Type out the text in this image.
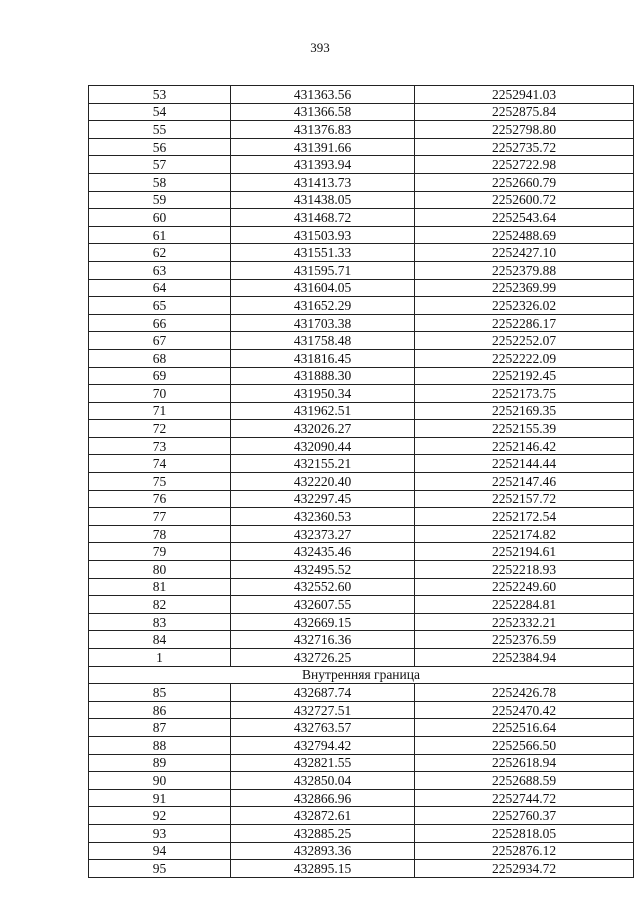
393
53	431363.56	2252941.03
54	431366.58	2252875.84
55	431376.83	2252798.80
56	431391.66	2252735.72
57	431393.94	2252722.98
58	431413.73	2252660.79
59	431438.05	2252600.72
60	431468.72	2252543.64
61	431503.93	2252488.69
62	431551.33	2252427.10
63	431595.71	2252379.88
64	431604.05	2252369.99
65	431652.29	2252326.02
66	431703.38	2252286.17
67	431758.48	2252252.07
68	431816.45	2252222.09
69	431888.30	2252192.45
70	431950.34	2252173.75
71	431962.51	2252169.35
72	432026.27	2252155.39
73	432090.44	2252146.42
74	432155.21	2252144.44
75	432220.40	2252147.46
76	432297.45	2252157.72
77	432360.53	2252172.54
78	432373.27	2252174.82
79	432435.46	2252194.61
80	432495.52	2252218.93
81	432552.60	2252249.60
82	432607.55	2252284.81
83	432669.15	2252332.21
84	432716.36	2252376.59
1	432726.25	2252384.94
Внутренняя граница		
85	432687.74	2252426.78
86	432727.51	2252470.42
87	432763.57	2252516.64
88	432794.42	2252566.50
89	432821.55	2252618.94
90	432850.04	2252688.59
91	432866.96	2252744.72
92	432872.61	2252760.37
93	432885.25	2252818.05
94	432893.36	2252876.12
95	432895.15	2252934.72
